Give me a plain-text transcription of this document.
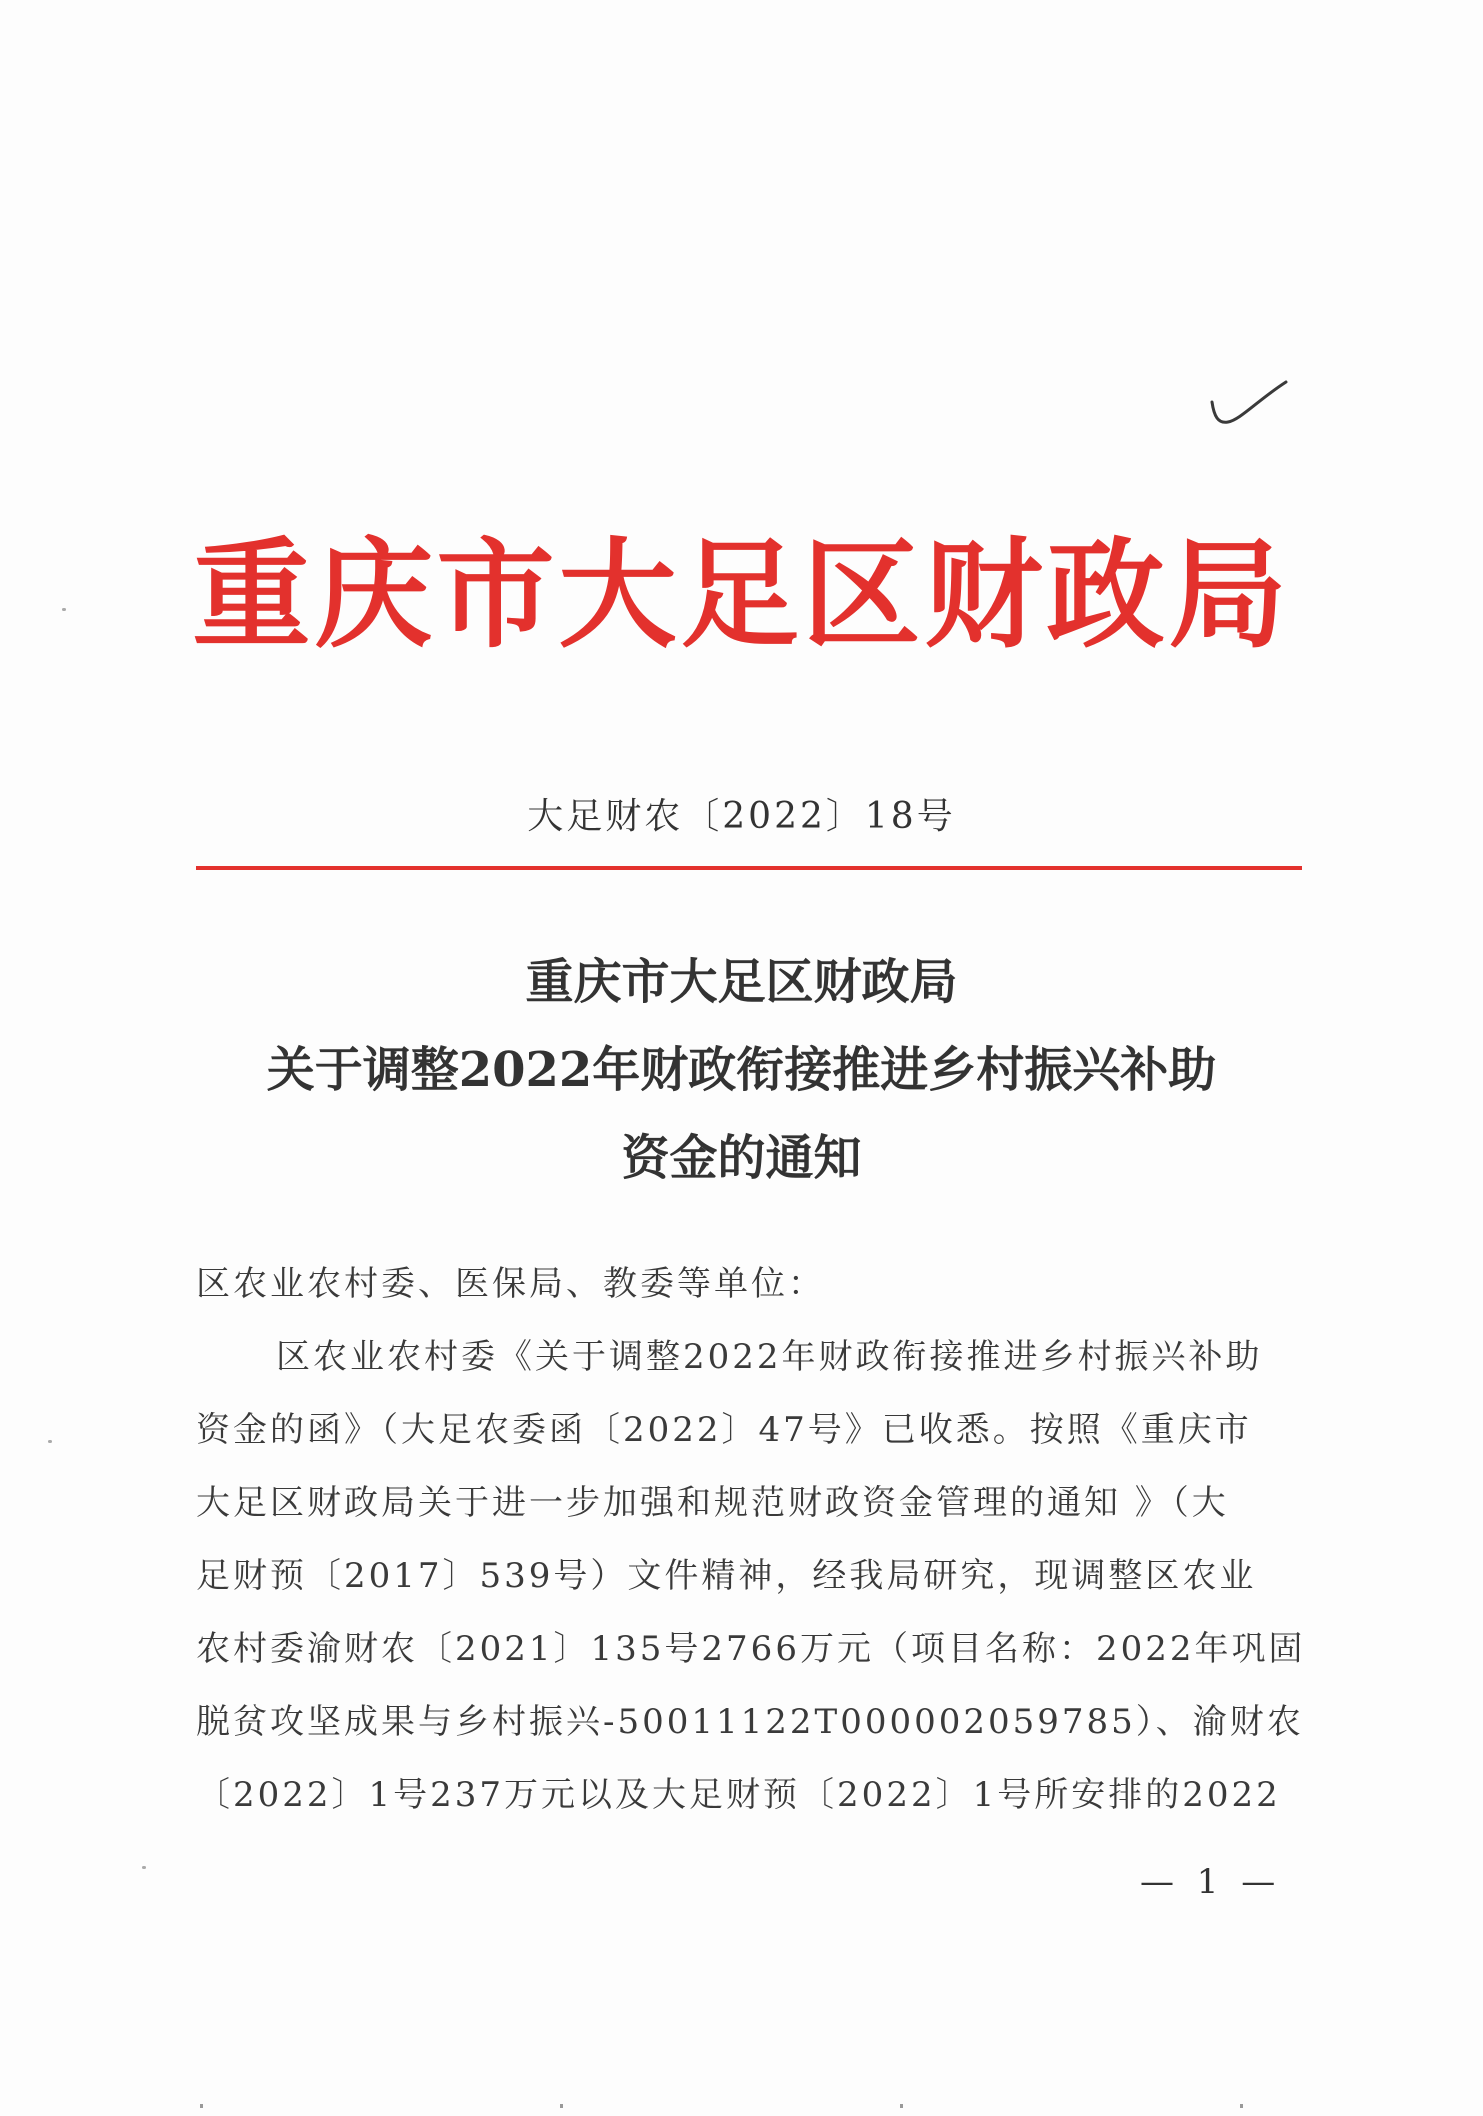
重庆市大足区财政局
大足财农〔2022〕18号
重庆市大足区财政局
关于调整2022年财政衔接推进乡村振兴补助
资金的通知
区农业农村委、医保局、教委等单位：
区农业农村委《关于调整2022年财政衔接推进乡村振兴补助
资金的函》（大足农委函〔2022〕47号》已收悉。按照《重庆市
大足区财政局关于进一步加强和规范财政资金管理的通知 》（大
足财预〔2017〕539号）文件精神，经我局研究，现调整区农业
农村委渝财农〔2021〕135号2766万元（项目名称：2022年巩固
脱贫攻坚成果与乡村振兴-50011122T000002059785）、渝财农
〔2022〕1号237万元以及大足财预〔2022〕1号所安排的2022
— 1 —
